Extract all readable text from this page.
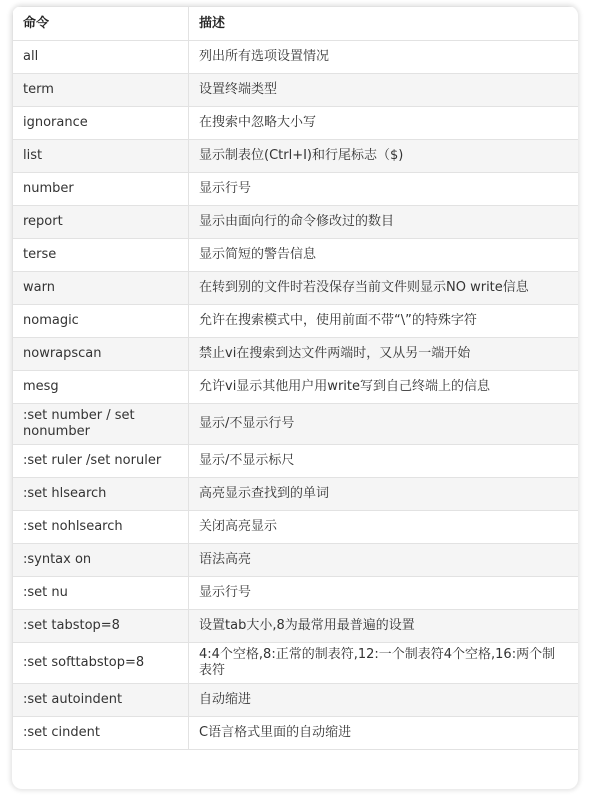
命令	描述
all	列出所有选项设置情况
term	设置终端类型
ignorance	在搜索中忽略大小写
list	显示制表位(Ctrl+I)和行尾标志（$)
number	显示行号
report	显示由面向行的命令修改过的数目
terse	显示简短的警告信息
warn	在转到别的文件时若没保存当前文件则显示NO write信息
nomagic	允许在搜索模式中，使用前面不带“\”的特殊字符
nowrapscan	禁止vi在搜索到达文件两端时，又从另一端开始
mesg	允许vi显示其他用户用write写到自己终端上的信息
:set number / set nonumber	显示/不显示行号
:set ruler /set noruler	显示/不显示标尺
:set hlsearch	高亮显示查找到的单词
:set nohlsearch	关闭高亮显示
:syntax on	语法高亮
:set nu	显示行号
:set tabstop=8	设置tab大小,8为最常用最普遍的设置
:set softtabstop=8	4:4个空格,8:正常的制表符,12:一个制表符4个空格,16:两个制表符
:set autoindent	自动缩进
:set cindent	C语言格式里面的自动缩进
